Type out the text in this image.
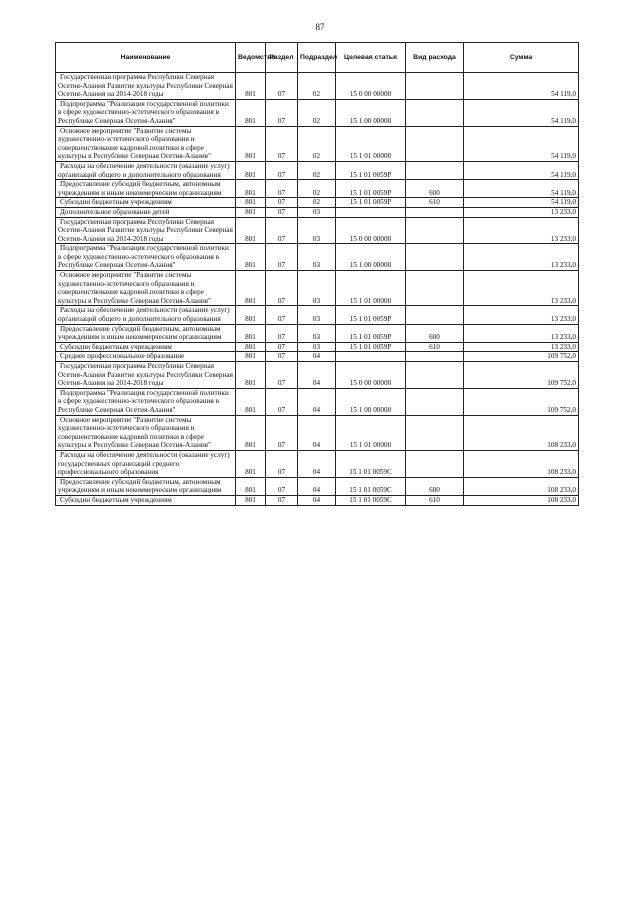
87
Наименование	Ведомство	Раздел	Подраздел	Целевая статья	Вид расхода	Сумма
Государственная программа Республики Северная Осетия-Алания Развитие культуры Республики Северная Осетия-Алания на 2014-2018 годы	801	07	02	15 0 00 00000		54 119,0
Подпрограмма "Реализация государственной политики в сфере художественно-эстетического образования в Республике Северная Осетия-Алания"	801	07	02	15 1 00 00000		54 119,0
Основное мероприятие "Развитие системы художественно-эстетического образования и совершенствование кадровой политики в сфере культуры в Республике Северная Осетия-Алания"	801	07	02	15 1 01 00000		54 119,0
Расходы на обеспечение деятельности (оказание услуг) организаций общего и дополнительного образования	801	07	02	15 1 01 0059Р		54 119,0
Предоставление субсидий бюджетным, автономным учреждениям и иным некоммерческим организациям	801	07	02	15 1 01 0059Р	600	54 119,0
Субсидии бюджетным учреждениям	801	07	02	15 1 01 0059Р	610	54 119,0
Дополнительное образование детей	801	07	03			13 233,0
Государственная программа Республики Северная Осетия-Алания Развитие культуры Республики Северная Осетия-Алания на 2014-2018 годы	801	07	03	15 0 00 00000		13 233,0
Подпрограмма "Реализация государственной политики в сфере художественно-эстетического образования в Республике Северная Осетия-Алания"	801	07	03	15 1 00 00000		13 233,0
Основное мероприятие "Развитие системы художественно-эстетического образования и совершенствование кадровой политики в сфере культуры в Республике Северная Осетия-Алания"	801	07	03	15 1 01 00000		13 233,0
Расходы на обеспечение деятельности (оказание услуг) организаций общего и дополнительного образования	801	07	03	15 1 01 0059Р		13 233,0
Предоставление субсидий бюджетным, автономным учреждениям и иным некоммерческим организациям	801	07	03	15 1 01 0059Р	600	13 233,0
Субсидии бюджетным учреждениям	801	07	03	15 1 01 0059Р	610	13 233,0
Среднее профессиональное образование	801	07	04			109 752,0
Государственная программа Республики Северная Осетия-Алания Развитие культуры Республики Северная Осетия-Алания на 2014-2018 годы	801	07	04	15 0 00 00000		109 752,0
Подпрограмма "Реализация государственной политики в сфере художественно-эстетического образования в Республике Северная Осетия-Алания"	801	07	04	15 1 00 00000		109 752,0
Основное мероприятие "Развитие системы художественно-эстетического образования и совершенствование кадровой политики в сфере культуры в Республике Северная Осетия-Алания"	801	07	04	15 1 01 00000		108 233,0
Расходы на обеспечение деятельности (оказание услуг) государственных организаций среднего профессионального образования	801	07	04	15 1 01 0059С		108 233,0
Предоставление субсидий бюджетным, автономным учреждениям и иным некоммерческим организациям	801	07	04	15 1 01 0059С	600	108 233,0
Субсидии бюджетным учреждениям	801	07	04	15 1 01 0059С	610	108 233,0
